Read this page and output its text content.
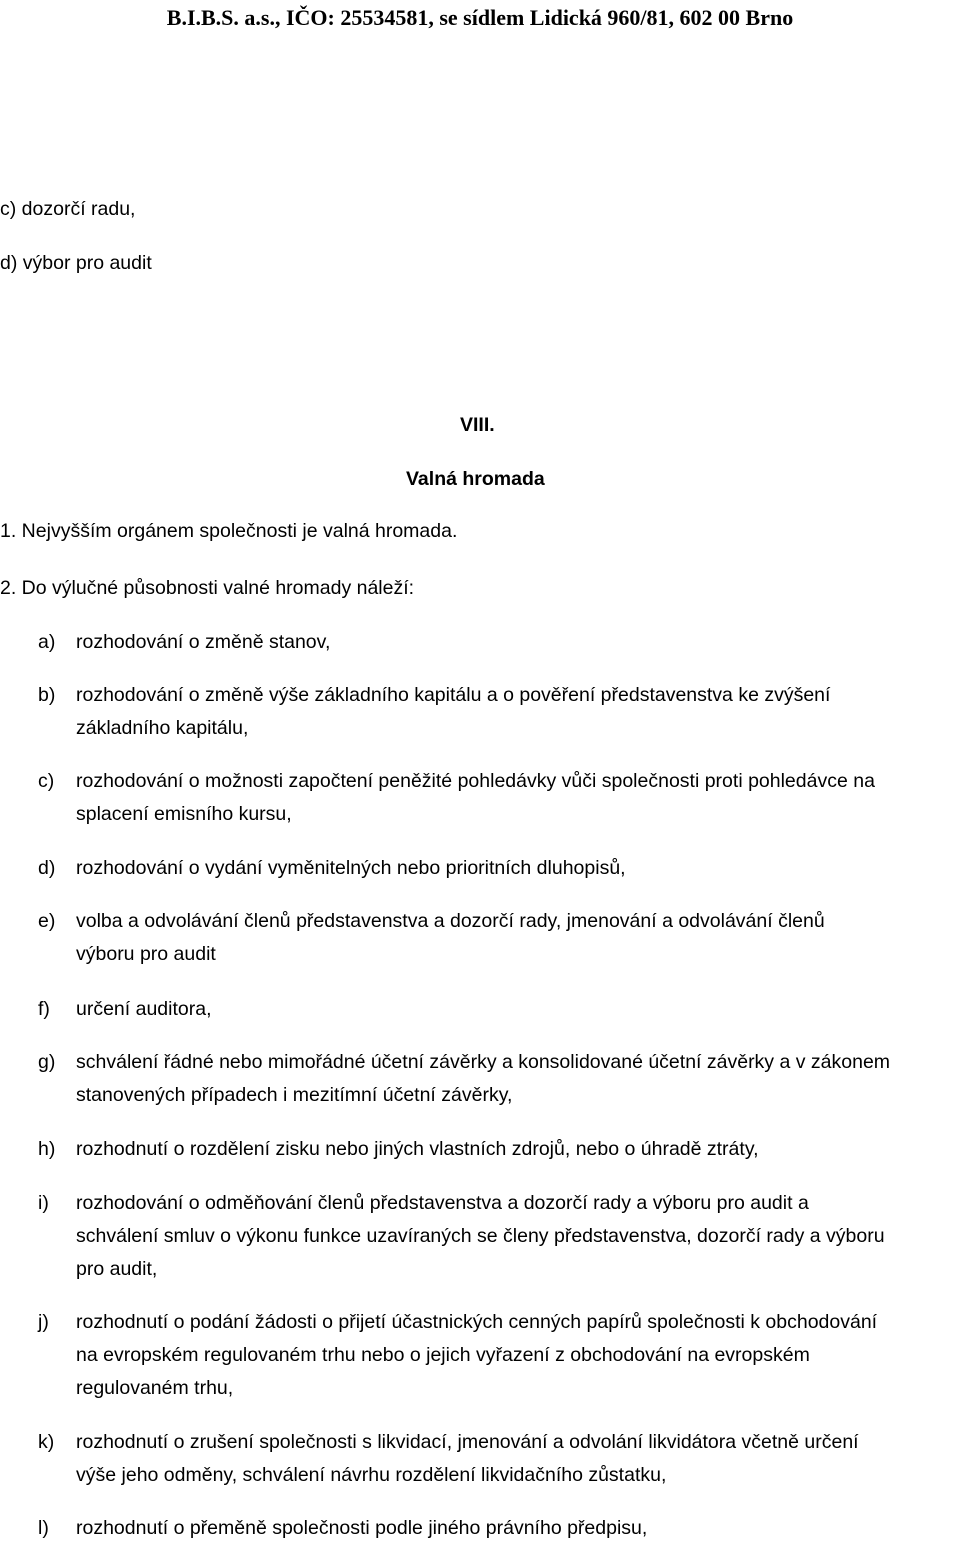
B.I.B.S. a.s., IČO: 25534581, se sídlem Lidická 960/81, 602 00 Brno
c) dozorčí radu,
d) výbor pro audit
VIII.
Valná hromada
1. Nejvyšším orgánem společnosti je valná hromada.
2. Do výlučné působnosti valné hromady náleží:
a) rozhodování o změně stanov,
b) rozhodování o změně výše základního kapitálu a o pověření představenstva ke zvýšení
základního kapitálu,
c) rozhodování o možnosti započtení peněžité pohledávky vůči společnosti proti pohledávce na
splacení emisního kursu,
d) rozhodování o vydání vyměnitelných nebo prioritních dluhopisů,
e) volba a odvolávání členů představenstva a dozorčí rady, jmenování a odvolávání členů
výboru pro audit
f) určení auditora,
g) schválení řádné nebo mimořádné účetní závěrky a konsolidované účetní závěrky a v zákonem
stanovených případech i mezitímní účetní závěrky,
h) rozhodnutí o rozdělení zisku nebo jiných vlastních zdrojů, nebo o úhradě ztráty,
i) rozhodování o odměňování členů představenstva a dozorčí rady a výboru pro audit a
schválení smluv o výkonu funkce uzavíraných se členy představenstva, dozorčí rady a výboru
pro audit,
j) rozhodnutí o podání žádosti o přijetí účastnických cenných papírů společnosti k obchodování
na evropském regulovaném trhu nebo o jejich vyřazení z obchodování na evropském
regulovaném trhu,
k) rozhodnutí o zrušení společnosti s likvidací, jmenování a odvolání likvidátora včetně určení
výše jeho odměny, schválení návrhu rozdělení likvidačního zůstatku,
l) rozhodnutí o přeměně společnosti podle jiného právního předpisu,
